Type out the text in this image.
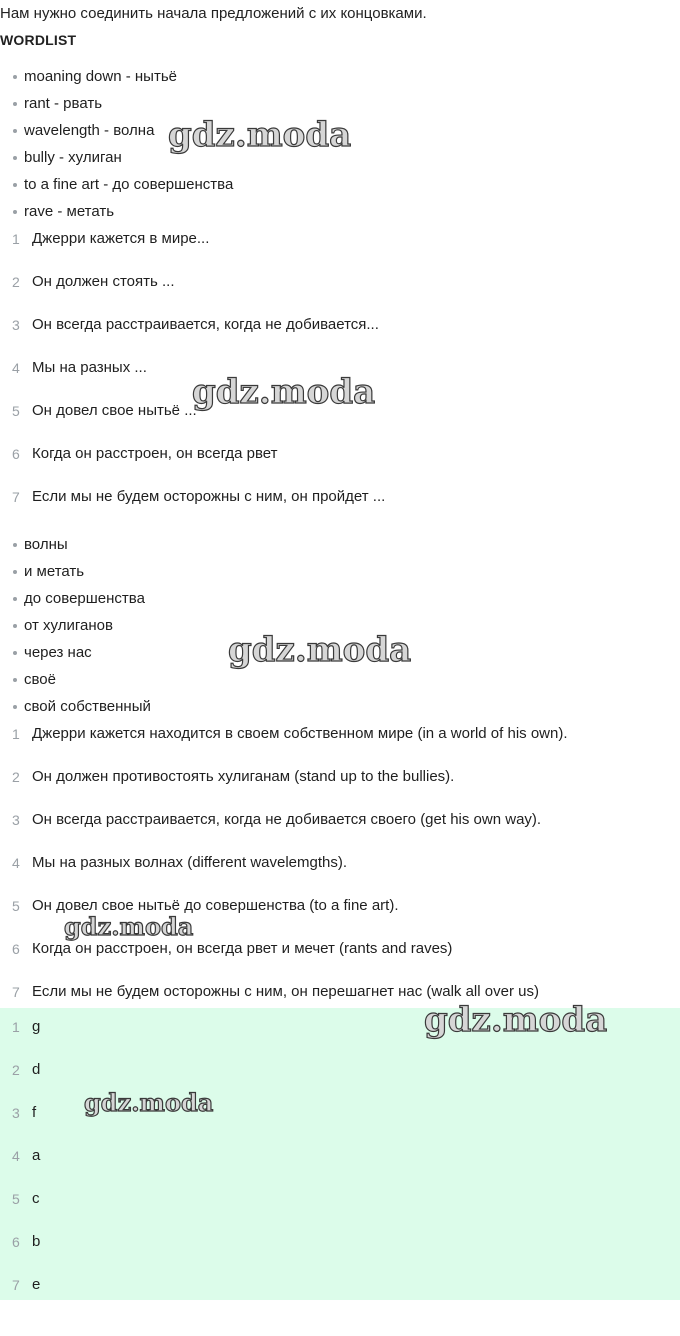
Нам нужно соединить начала предложений с их концовками.
WORDLIST
moaning down - нытьё
rant - рвать
wavelength - волна
bully - хулиган
to a fine art - до совершенства
rave - метать
1 Джерри кажется в мире...
2 Он должен стоять ...
3 Он всегда расстраивается, когда не добивается...
4 Мы на разных ...
5 Он довел свое нытьё ...
6 Когда он расстроен, он всегда рвет
7 Если мы не будем осторожны с ним, он пройдет ...
волны
и метать
до совершенства
от хулиганов
через нас
своё
свой собственный
1 Джерри кажется находится в своем собственном мире (in a world of his own).
2 Он должен противостоять хулиганам (stand up to the bullies).
3 Он всегда расстраивается, когда не добивается своего (get his own way).
4 Мы на разных волнах (different wavelemgths).
5 Он довел свое нытьё до совершенства (to a fine art).
6 Когда он расстроен, он всегда рвет и мечет (rants and raves)
7 Если мы не будем осторожны с ним, он перешагнет нас (walk all over us)
1 g
2 d
3 f
4 a
5 c
6 b
7 e
gdz.moda
gdz.moda
gdz.moda
gdz.moda
gdz.moda
gdz.moda
